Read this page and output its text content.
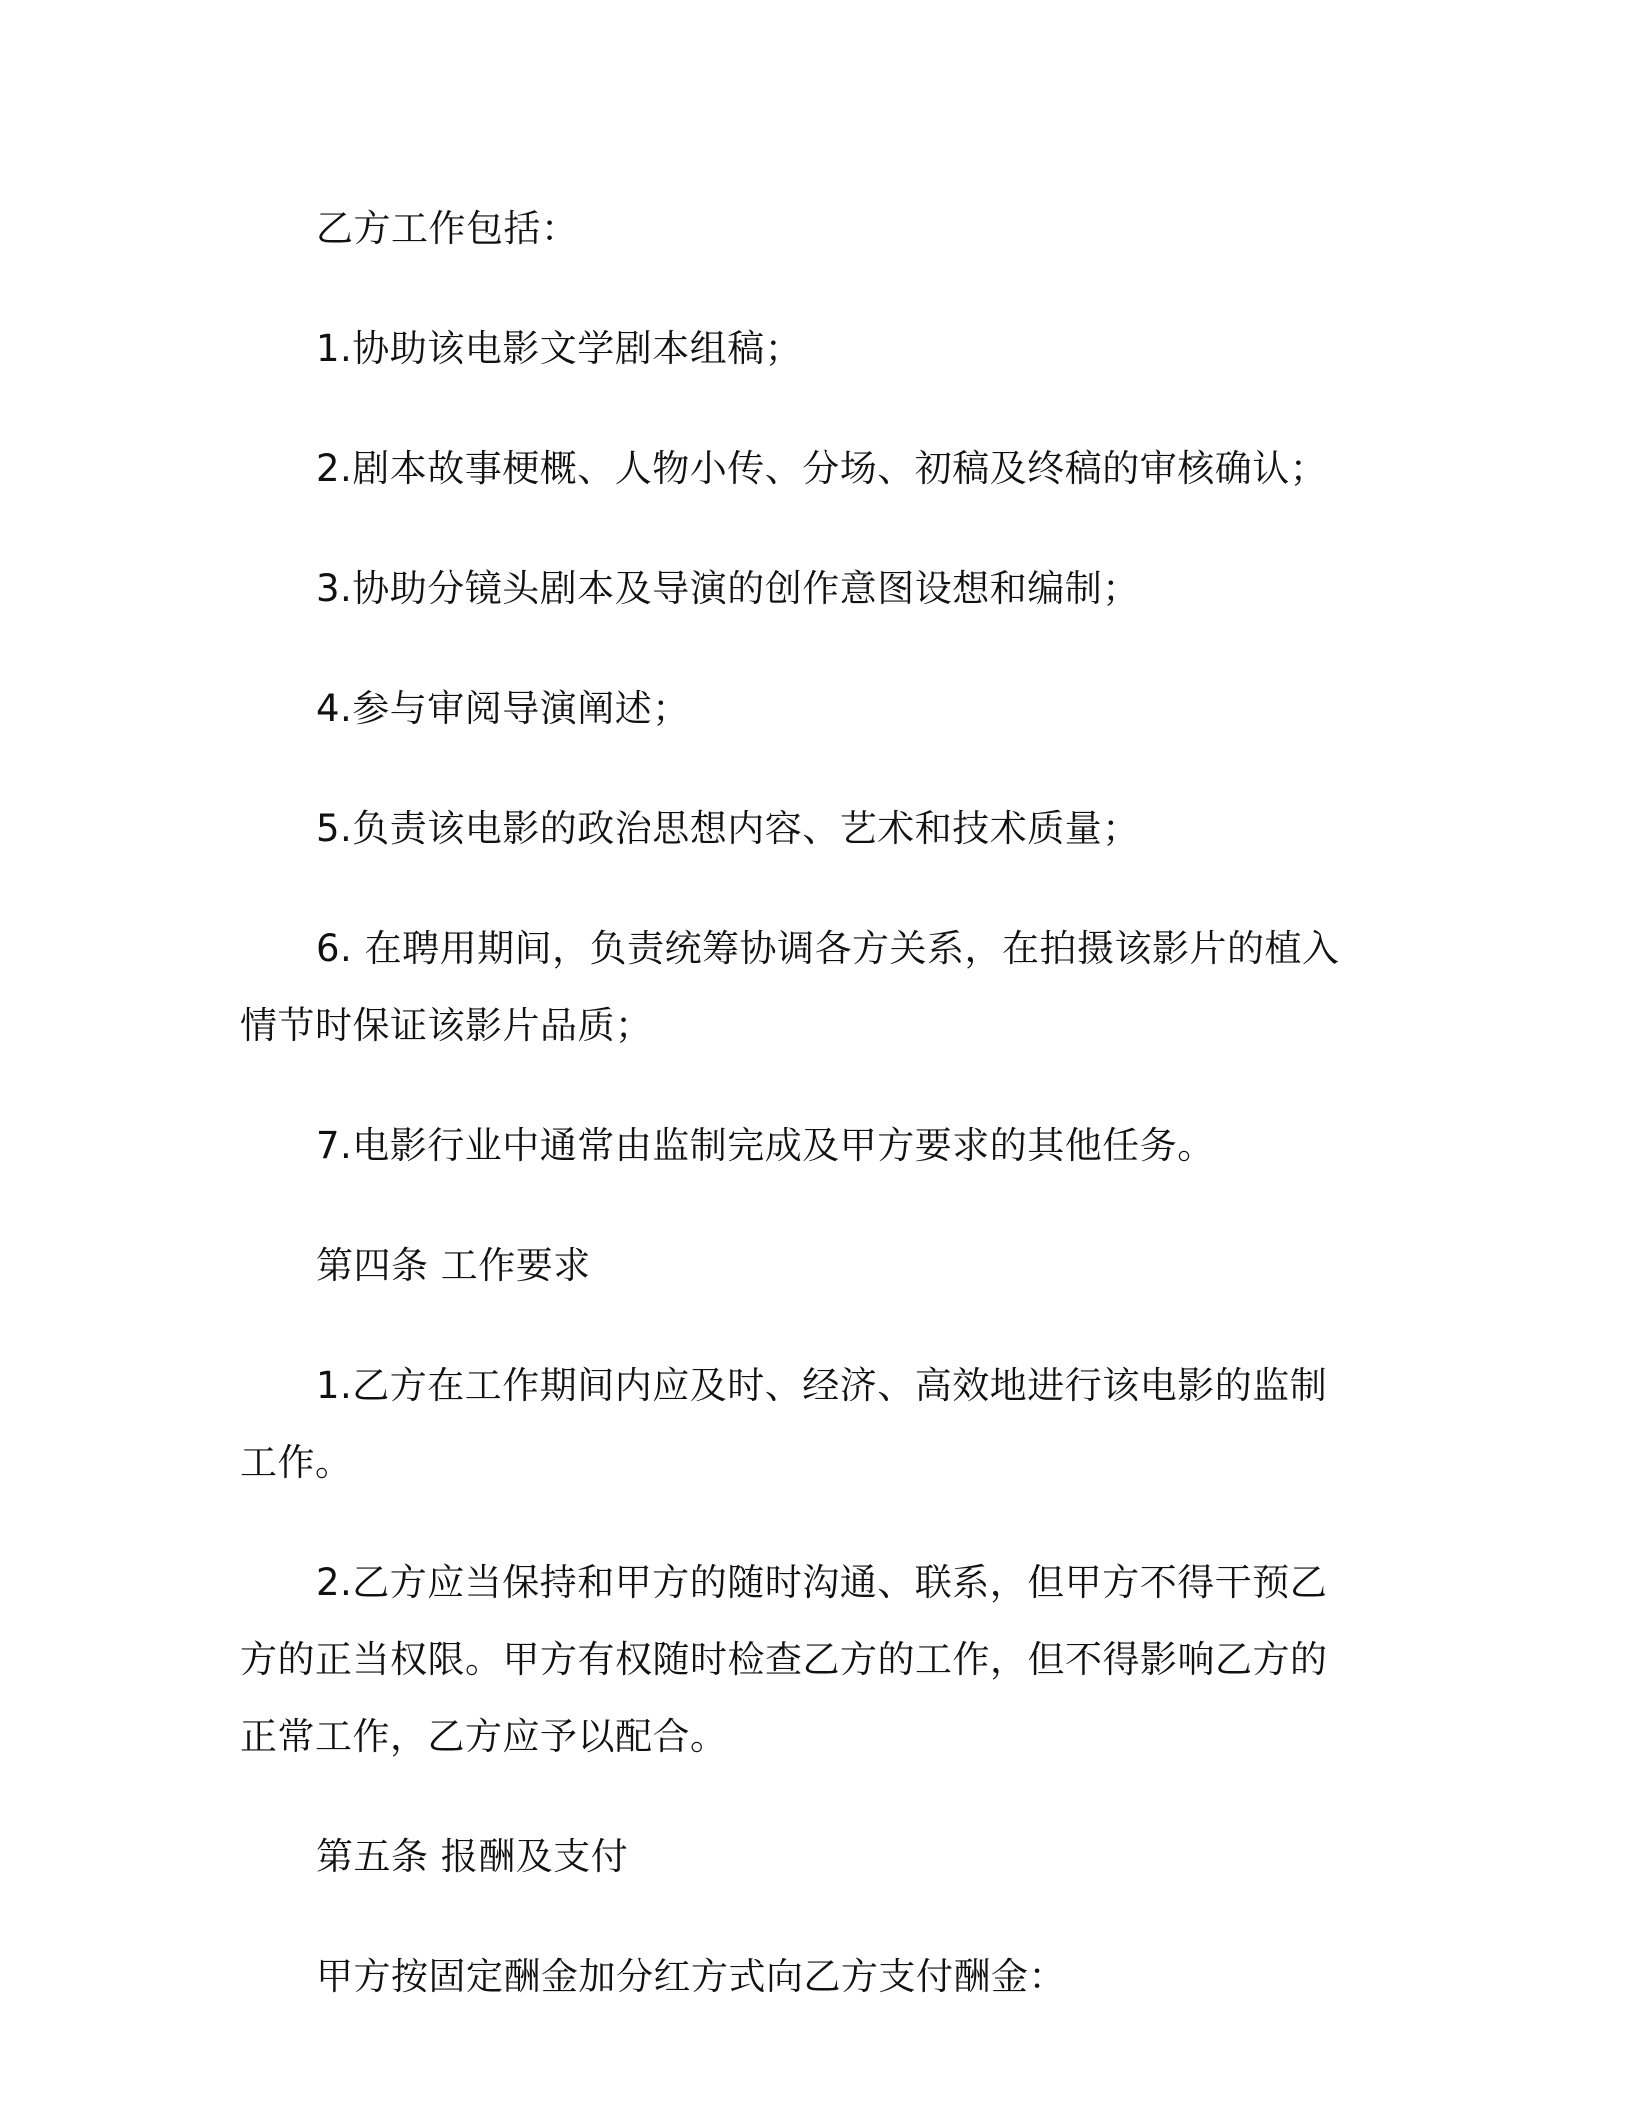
乙方工作包括：

1.协助该电影文学剧本组稿；

2.剧本故事梗概、人物小传、分场、初稿及终稿的审核确认；

3.协助分镜头剧本及导演的创作意图设想和编制；

4.参与审阅导演阐述；

5.负责该电影的政治思想内容、艺术和技术质量；

6. 在聘用期间，负责统筹协调各方关系，在拍摄该影片的植入情节时保证该影片品质；

7.电影行业中通常由监制完成及甲方要求的其他任务。

第四条 工作要求

1.乙方在工作期间内应及时、经济、高效地进行该电影的监制工作。

2.乙方应当保持和甲方的随时沟通、联系，但甲方不得干预乙方的正当权限。甲方有权随时检查乙方的工作，但不得影响乙方的正常工作，乙方应予以配合。

第五条 报酬及支付

甲方按固定酬金加分红方式向乙方支付酬金：
